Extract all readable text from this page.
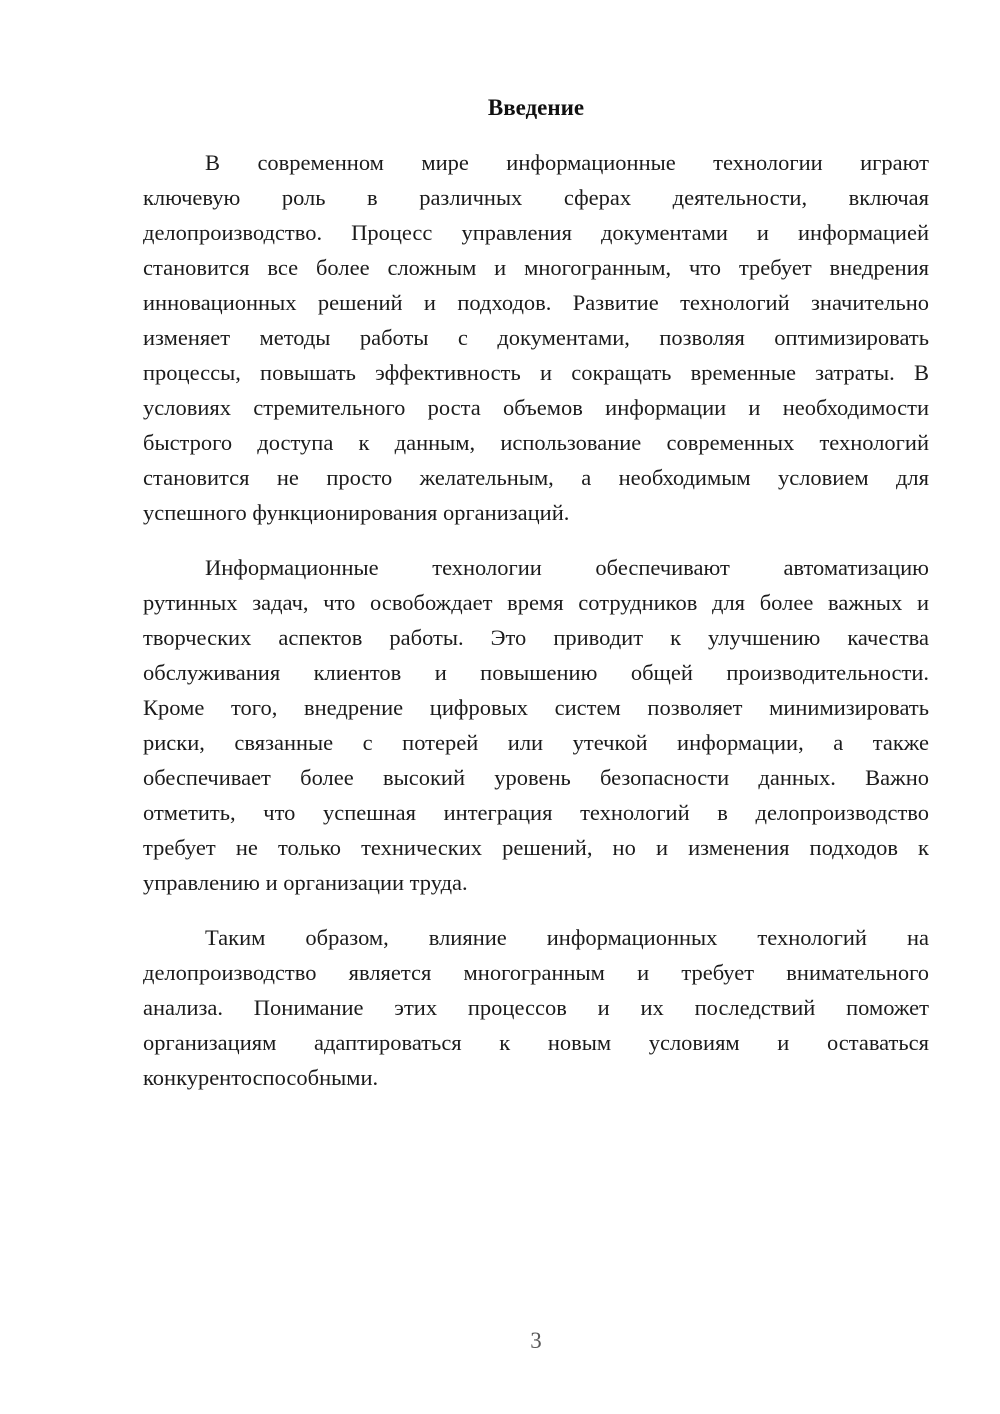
Введение
В современном мире информационные технологии играют
ключевую роль в различных сферах деятельности, включая
делопроизводство. Процесс управления документами и информацией
становится все более сложным и многогранным, что требует внедрения
инновационных решений и подходов. Развитие технологий значительно
изменяет методы работы с документами, позволяя оптимизировать
процессы, повышать эффективность и сокращать временные затраты. В
условиях стремительного роста объемов информации и необходимости
быстрого доступа к данным, использование современных технологий
становится не просто желательным, а необходимым условием для
успешного функционирования организаций.
Информационные технологии обеспечивают автоматизацию
рутинных задач, что освобождает время сотрудников для более важных и
творческих аспектов работы. Это приводит к улучшению качества
обслуживания клиентов и повышению общей производительности.
Кроме того, внедрение цифровых систем позволяет минимизировать
риски, связанные с потерей или утечкой информации, а также
обеспечивает более высокий уровень безопасности данных. Важно
отметить, что успешная интеграция технологий в делопроизводство
требует не только технических решений, но и изменения подходов к
управлению и организации труда.
Таким образом, влияние информационных технологий на
делопроизводство является многогранным и требует внимательного
анализа. Понимание этих процессов и их последствий поможет
организациям адаптироваться к новым условиям и оставаться
конкурентоспособными.
3
